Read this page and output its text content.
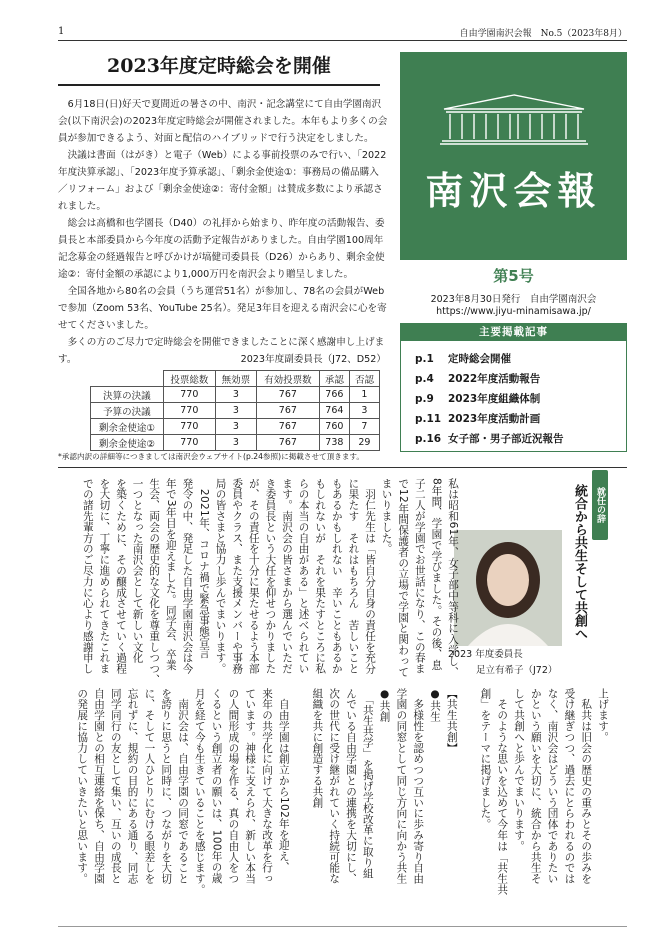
1	自由学園南沢会報　No.5（2023年8月）
2023年度定時総会を開催

6月18日(日)好天で夏間近の暑さの中、南沢・記念講堂にて自由学園南沢会(以下南沢会)の2023年度定時総会が開催されました。本年もより多くの会員が参加できるよう、対面と配信のハイブリッドで行う決定をしました。

決議は書面（はがき）と電子（Web）による事前投票のみで行い、「2022年度決算承認」、「2023年度予算承認」、「剰余金使途①：事務局の備品購入／リフォーム」および「剰余金使途②：寄付金額」は賛成多数により承認されました。

総会は高橋和也学園長（D40）の礼拝から始まり、昨年度の活動報告、委員長と本部委員から今年度の活動予定報告がありました。自由学園100周年記念募金の経過報告と呼びかけが塙健司委員長（D26）からあり、剰余金使途②：寄付金額の承認により1,000万円を南沢会より贈呈しました。

全国各地から80名の会員（うち運営51名）が参加し、78名の会員がWebで参加（Zoom 53名、YouTube 25名）。発足3年目を迎える南沢会に心を寄せてくださいました。

多くの方のご尽力で定時総会を開催できましたことに深く感謝申し上げます。	2023年度副委員長（J72、D52）
	投票総数	無効票	有効投票数	承認	否認
決算の決議	770	3	767	766	1
予算の決議	770	3	767	764	3
剰余金使途①	770	3	767	760	7
剰余金使途②	770	3	767	738	29
*承認内訳の詳細等につきましては南沢会ウェブサイト(p.24参照)に掲載させて頂きます。
南沢会報
第5号
2023年8月30日発行　自由学園南沢会
https://www.jiyu-minamisawa.jp/
主要掲載記事
p.1 定時総会開催
p.4 2022年度活動報告
p.9 2023年度組織体制
p.11 2023年度活動計画
p.16 女子部・男子部近況報告
就任の辞
統合から共生そして共創へ
2023 年度委員長
足立有希子（J72）
私は昭和61年、女子部中等科に入学し、
8年間、学園で学びました。その後、息
子二人が学園でお世話になり、この春ま
で12年間保護者の立場で学園と関わって
まいりました。
　羽仁先生は「皆自分自身の責任を充分
に果たす　それはもちろん　苦しいこと
もあるかもしれない　辛いこともあるか
もしれないが　それを果たすところに私
らの本当の自由がある」と述べられてい
ます。南沢会の皆さまから選んでいただ
き委員長という大任を仰せつかりました
が、その責任を十分に果たせるよう本部
委員やクラス、また支援メンバーや事務
局の皆さまと協力し歩んでまいります。
　2021年、コロナ禍で緊急事態宣言
発令の中、発足した自由学園南沢会は今
年で3年目を迎えました。同学会、卒業
生会、両会の歴史的な文化を尊重しつつ、
一つとなった南沢会として新しい文化
を築くために、その醸成させていく過程
を大切に、丁寧に進められてきたこれま
での諸先輩方のご尽力に心より感謝申し
上げます。
　私共は旧会の歴史の重みとその歩みを
受け継ぎつつ、過去にとらわれるのでは
なく、南沢会はどういう団体でありたい
かという願いを大切に、統合から共生そ
して共創へと歩んでまいります。
　そのような思いを込めて今年は「共生共
創」をテーマに掲げました。
【共生共創】
●共生
　多様性を認めつつ互いに歩み寄り自由
学園の同窓として同じ方向に向かう共生
●共創
　「共生共学」を掲げ学校改革に取り組
んでいる自由学園との連携を大切にし、
次の世代に受け継がれていく持続可能な
組織を共に創造する共創
　自由学園は創立から102年を迎え、
来年の共学化に向けて大きな改革を行っ
ています。神様に支えられ、新しい本当
の人間形成の場を作る、真の自由人をつ
くるという創立者の願いは、100年の歳
月を経て今も生きていることを感じます。
　南沢会は、自由学園の同窓であること
を誇りに思うと同時に、つながりを大切
に、そして一人ひとりにむける眼差しを
忘れずに、規約の目的にある通り、同志
同学同行の友として集い、互いの成長と
自由学園との相互連絡を保ち、自由学園
の発展に協力していきたいと思います。
